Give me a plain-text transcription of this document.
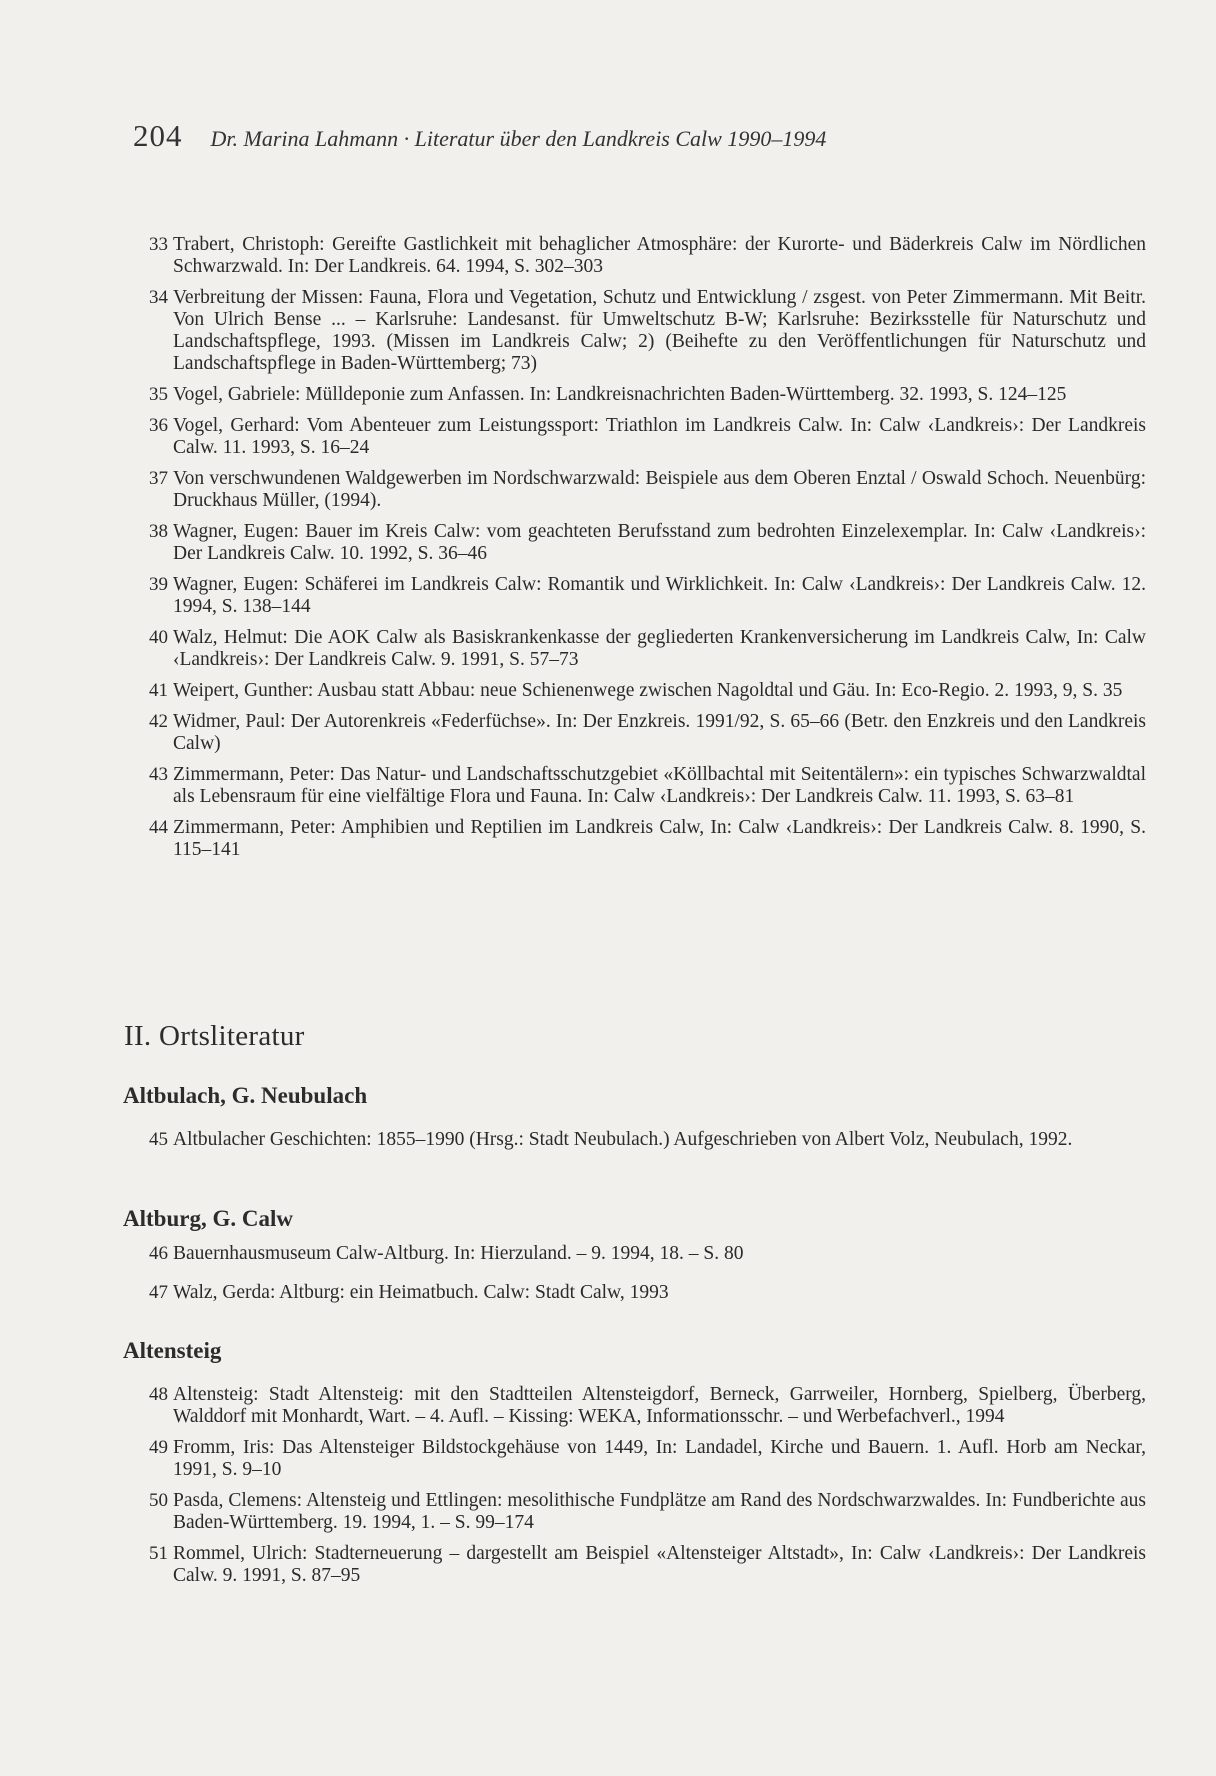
204 Dr. Marina Lahmann · Literatur über den Landkreis Calw 1990–1994
33 Trabert, Christoph: Gereifte Gastlichkeit mit behaglicher Atmosphäre: der Kurorte- und Bäderkreis Calw im Nördlichen Schwarzwald. In: Der Landkreis. 64. 1994, S. 302–303
34 Verbreitung der Missen: Fauna, Flora und Vegetation, Schutz und Entwicklung / zsgest. von Peter Zimmermann. Mit Beitr. Von Ulrich Bense ... – Karlsruhe: Landesanst. für Umweltschutz B-W; Karlsruhe: Bezirksstelle für Naturschutz und Landschaftspflege, 1993. (Missen im Landkreis Calw; 2) (Beihefte zu den Veröffentlichungen für Naturschutz und Landschaftspflege in Baden-Württemberg; 73)
35 Vogel, Gabriele: Mülldeponie zum Anfassen. In: Landkreisnachrichten Baden-Württemberg. 32. 1993, S. 124–125
36 Vogel, Gerhard: Vom Abenteuer zum Leistungssport: Triathlon im Landkreis Calw. In: Calw ‹Landkreis›: Der Landkreis Calw. 11. 1993, S. 16–24
37 Von verschwundenen Waldgewerben im Nordschwarzwald: Beispiele aus dem Oberen Enztal / Oswald Schoch. Neuenbürg: Druckhaus Müller, (1994).
38 Wagner, Eugen: Bauer im Kreis Calw: vom geachteten Berufsstand zum bedrohten Einzelexemplar. In: Calw ‹Landkreis›: Der Landkreis Calw. 10. 1992, S. 36–46
39 Wagner, Eugen: Schäferei im Landkreis Calw: Romantik und Wirklichkeit. In: Calw ‹Landkreis›: Der Landkreis Calw. 12. 1994, S. 138–144
40 Walz, Helmut: Die AOK Calw als Basiskrankenkasse der gegliederten Krankenversicherung im Landkreis Calw, In: Calw ‹Landkreis›: Der Landkreis Calw. 9. 1991, S. 57–73
41 Weipert, Gunther: Ausbau statt Abbau: neue Schienenwege zwischen Nagoldtal und Gäu. In: Eco-Regio. 2. 1993, 9, S. 35
42 Widmer, Paul: Der Autorenkreis «Federfüchse». In: Der Enzkreis. 1991/92, S. 65–66 (Betr. den Enzkreis und den Landkreis Calw)
43 Zimmermann, Peter: Das Natur- und Landschaftsschutzgebiet «Köllbachtal mit Seitentälern»: ein typisches Schwarzwaldtal als Lebensraum für eine vielfältige Flora und Fauna. In: Calw ‹Landkreis›: Der Landkreis Calw. 11. 1993, S. 63–81
44 Zimmermann, Peter: Amphibien und Reptilien im Landkreis Calw, In: Calw ‹Landkreis›: Der Landkreis Calw. 8. 1990, S. 115–141
II. Ortsliteratur
Altbulach, G. Neubulach
45 Altbulacher Geschichten: 1855–1990 (Hrsg.: Stadt Neubulach.) Aufgeschrieben von Albert Volz, Neubulach, 1992.
Altburg, G. Calw
46 Bauernhausmuseum Calw-Altburg. In: Hierzuland. – 9. 1994, 18. – S. 80
47 Walz, Gerda: Altburg: ein Heimatbuch. Calw: Stadt Calw, 1993
Altensteig
48 Altensteig: Stadt Altensteig: mit den Stadtteilen Altensteigdorf, Berneck, Garrweiler, Hornberg, Spielberg, Überberg, Walddorf mit Monhardt, Wart. – 4. Aufl. – Kissing: WEKA, Informationsschr. – und Werbefachverl., 1994
49 Fromm, Iris: Das Altensteiger Bildstockgehäuse von 1449, In: Landadel, Kirche und Bauern. 1. Aufl. Horb am Neckar, 1991, S. 9–10
50 Pasda, Clemens: Altensteig und Ettlingen: mesolithische Fundplätze am Rand des Nordschwarzwaldes. In: Fundberichte aus Baden-Württemberg. 19. 1994, 1. – S. 99–174
51 Rommel, Ulrich: Stadterneuerung – dargestellt am Beispiel «Altensteiger Altstadt», In: Calw ‹Landkreis›: Der Landkreis Calw. 9. 1991, S. 87–95
